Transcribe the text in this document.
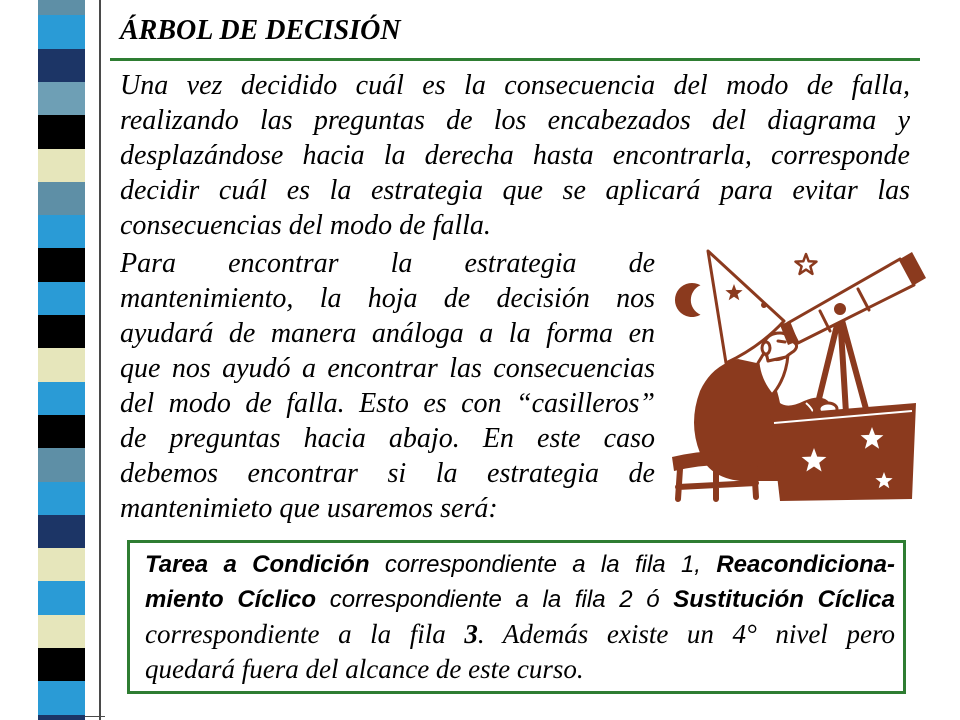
ÁRBOL DE DECISIÓN
Una vez decidido cuál es la consecuencia del modo de falla,
realizando las preguntas de los encabezados del diagrama y
desplazándose hacia la derecha hasta encontrarla, corresponde
decidir cuál es la estrategia que se aplicará para evitar las
consecuencias del modo de falla.
Para encontrar la estrategia de
mantenimiento, la hoja de decisión nos
ayudará de manera análoga a la forma en
que nos ayudó a encontrar las consecuencias
del modo de falla. Esto es con “casilleros”
de preguntas hacia abajo. En este caso
debemos encontrar si la estrategia de
mantenimieto que usaremos será:
Tarea a Condición correspondiente a la fila 1, Reacondiciona-
miento Cíclico correspondiente a la fila 2 ó Sustitución Cíclica
correspondiente a la fila 3. Además existe un 4° nivel pero
quedará fuera del alcance de este curso.
